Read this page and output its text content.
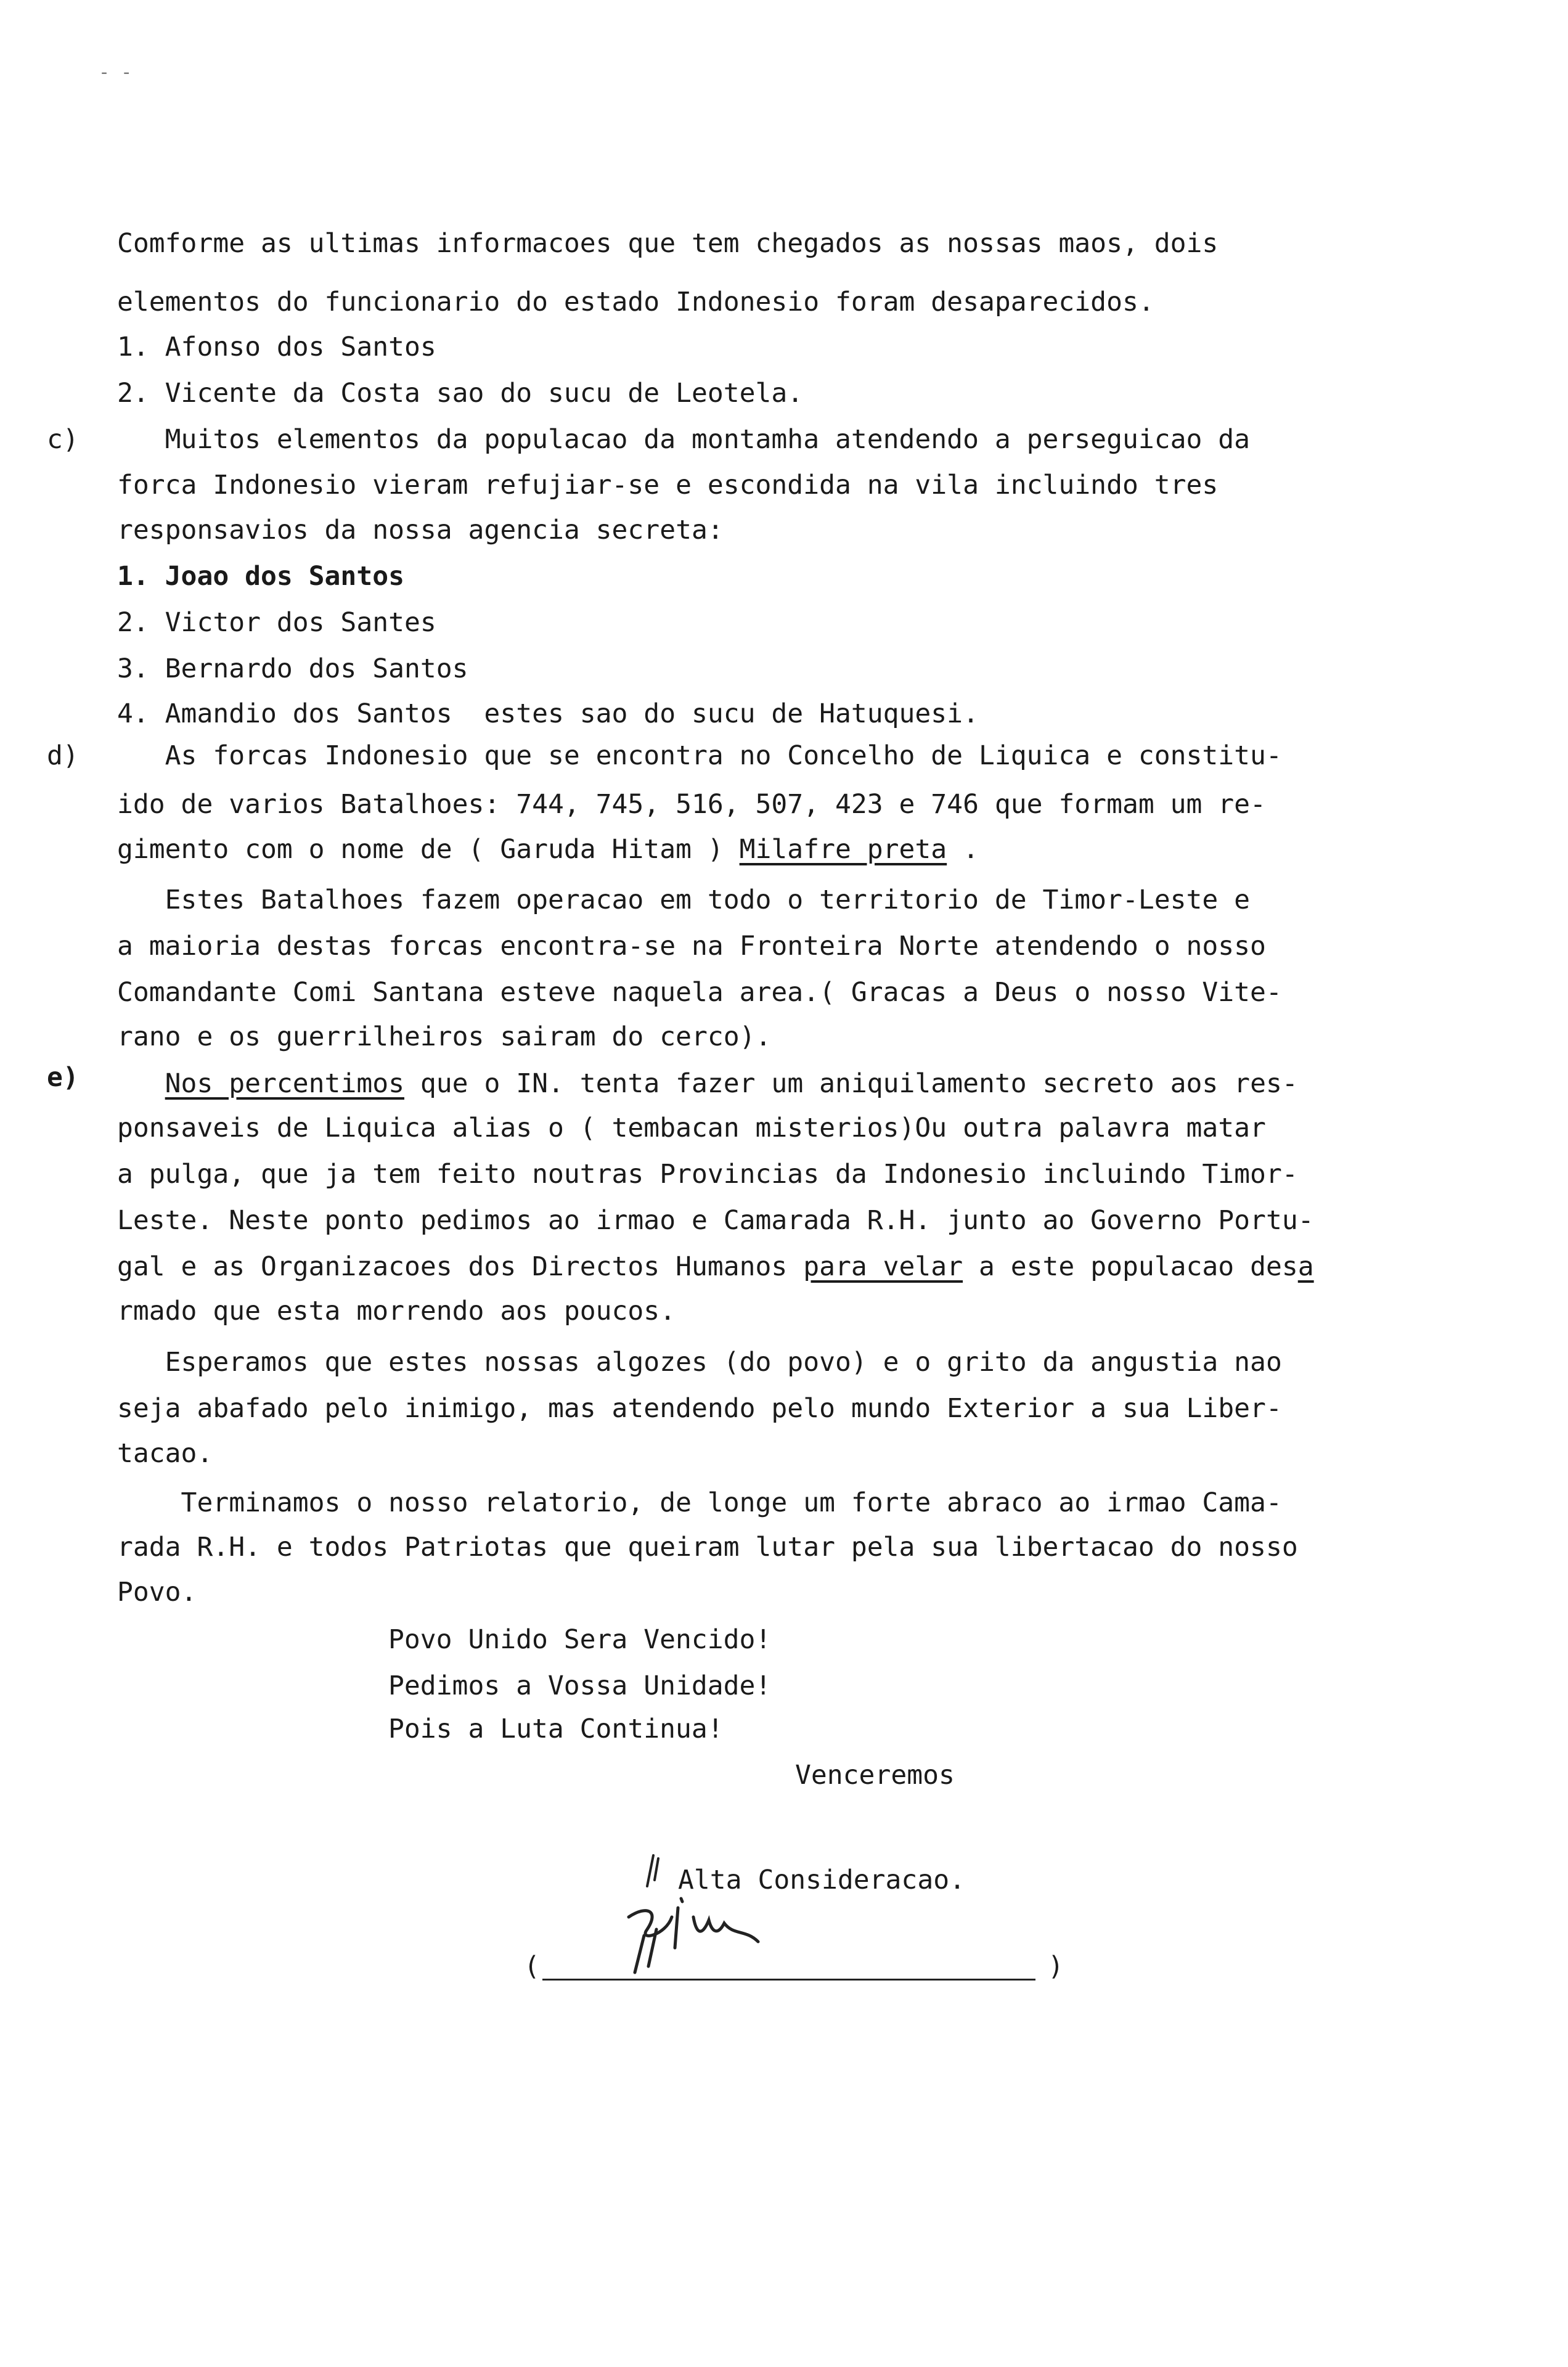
- -

c)

d)

e)

Comforme as ultimas informacoes que tem chegados as nossas maos, dois

elementos do funcionario do estado Indonesio foram desaparecidos.

1. Afonso dos Santos

2. Vicente da Costa sao do sucu de Leotela.

Muitos elementos da populacao da montamha atendendo a perseguicao da

forca Indonesio vieram refujiar-se e escondida na vila incluindo tres

responsavios da nossa agencia secreta:

1. Joao dos Santos

2. Victor dos Santes

3. Bernardo dos Santos

4. Amandio dos Santos  estes sao do sucu de Hatuquesi.

As forcas Indonesio que se encontra no Concelho de Liquica e constitu-

ido de varios Batalhoes: 744, 745, 516, 507, 423 e 746 que formam um re-

gimento com o nome de ( Garuda Hitam ) Milafre preta .

Estes Batalhoes fazem operacao em todo o territorio de Timor-Leste e

a maioria destas forcas encontra-se na Fronteira Norte atendendo o nosso

Comandante Comi Santana esteve naquela area.( Gracas a Deus o nosso Vite-

rano e os guerrilheiros sairam do cerco).

Nos percentimos que o IN. tenta fazer um aniquilamento secreto aos res-

ponsaveis de Liquica alias o ( tembacan misterios)Ou outra palavra matar

a pulga, que ja tem feito noutras Provincias da Indonesio incluindo Timor-

Leste. Neste ponto pedimos ao irmao e Camarada R.H. junto ao Governo Portu-

gal e as Organizacoes dos Directos Humanos para velar a este populacao desa

rmado que esta morrendo aos poucos.

Esperamos que estes nossas algozes (do povo) e o grito da angustia nao

seja abafado pelo inimigo, mas atendendo pelo mundo Exterior a sua Liber-

tacao.

Terminamos o nosso relatorio, de longe um forte abraco ao irmao Cama-

rada R.H. e todos Patriotas que queiram lutar pela sua libertacao do nosso

Povo.

Povo Unido Sera Vencido!

Pedimos a Vossa Unidade!

Pois a Luta Continua!

Venceremos

Alta Consideracao.

(	)
